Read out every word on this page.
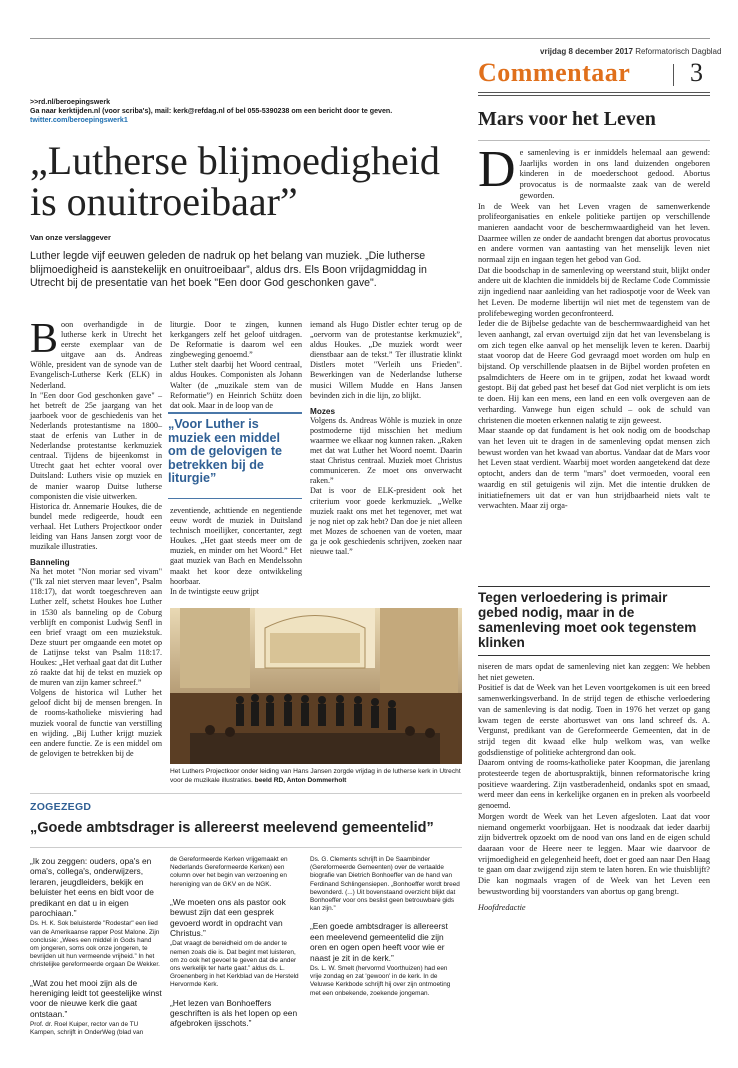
vrijdag 8 december 2017 Reformatorisch Dagblad
Commentaar 3
>>rd.nl/beroepingswerk
Ga naar kerktijden.nl (voor scriba's), mail: kerk@refdag.nl of bel 055-5390238 om een bericht door te geven.
twitter.com/beroepingswerk1
„Lutherse blijmoedigheid
is onuitroeibaar”
Van onze verslaggever
Luther legde vijf eeuwen geleden de nadruk op het belang van muziek. „Die lutherse blijmoedigheid is aanstekelijk en onuitroeibaar”, aldus drs. Els Boon vrijdagmiddag in Utrecht bij de presentatie van het boek "Een door God geschonken gave".
B oon overhandigde in de lutherse kerk in Utrecht het eerste exemplaar van de uitgave aan ds. Andreas Wöhle, president van de synode van de Evangelisch-Lutherse Kerk (ELK) in Nederland.
In "Een door God geschonken gave" –het betreft de 25e jaargang van het jaarboek voor de geschiedenis van het Nederlands protestantisme na 1800– staat de erfenis van Luther in de Nederlandse protestantse kerkmuziek centraal. Tijdens de bijeenkomst in Utrecht gaat het echter vooral over Duitsland: Luthers visie op muziek en de manier waarop Duitse lutherse componisten die visie uitwerken.
Historica dr. Annemarie Houkes, die de bundel mede redigeerde, houdt een verhaal. Het Luthers Projectkoor onder leiding van Hans Jansen zorgt voor de muzikale illustraties.
Banneling
Na het motet "Non moriar sed vivam" ("Ik zal niet sterven maar leven", Psalm 118:17), dat wordt toegeschreven aan Luther zelf, schetst Houkes hoe Luther in 1530 als banneling op de Coburg verblijft en componist Ludwig Senfl in een brief vraagt om een muziekstuk. Deze stuurt per omgaande een motet op de Latijnse tekst van Psalm 118:17. Houkes: „Het verhaal gaat dat dit Luther zó raakte dat hij de tekst en muziek op de muren van zijn kamer schreef.”
Volgens de historica wil Luther het geloof dicht bij de mensen brengen. In de rooms-katholieke misviering had muziek vooral de functie van verstilling en wijding. „Bij Luther krijgt muziek een andere functie. Ze is een middel om de gelovigen te betrekken bij de
liturgie. Door te zingen, kunnen kerkgangers zelf het geloof uitdragen. De Reformatie is daarom wel een zingbeweging genoemd.”
Luther stelt daarbij het Woord centraal, aldus Houkes. Componisten als Johann Walter (de „muzikale stem van de Reformatie”) en Heinrich Schütz doen dat ook. Maar in de loop van de
„Voor Luther is muziek een middel om de gelovigen te betrekken bij de liturgie”
zeventiende, achttiende en negentiende eeuw wordt de muziek in Duitsland technisch moeilijker, concertanter, zegt Houkes. „Het gaat steeds meer om de muziek, en minder om het Woord.” Het gaat muziek van Bach en Mendelssohn maakt het koor deze ontwikkeling hoorbaar.
In de twintigste eeuw grijpt
iemand als Hugo Distler echter terug op de „oervorm van de protestantse kerkmuziek”, aldus Houkes. „De muziek wordt weer dienstbaar aan de tekst.” Ter illustratie klinkt Distlers motet "Verleih uns Frieden". Bewerkingen van de Nederlandse lutherse musici Willem Mudde en Hans Jansen bevinden zich in die lijn, zo blijkt.
Mozes
Volgens ds. Andreas Wöhle is muziek in onze postmoderne tijd misschien het medium waarmee we elkaar nog kunnen raken. „Raken met dat wat Luther het Woord noemt. Daarin staat Christus centraal. Muziek moet Christus communiceren. Ze moet ons onverwacht raken.”
Dat is voor de ELK-president ook het criterium voor goede kerkmuziek. „Welke muziek raakt ons met het tegenover, met wat je nog niet op zak hebt? Dan doe je niet alleen met Mozes de schoenen van de voeten, maar ga je ook geschiedenis schrijven, zoeken naar nieuwe taal.”
Het Luthers Projectkoor onder leiding van Hans Jansen zorgde vrijdag in de lutherse kerk in Utrecht voor de muzikale illustraties. beeld RD, Anton Dommerholt
ZOGEZEGD
„Goede ambtsdrager is allereerst meelevend gemeentelid”
„Ik zou zeggen: ouders, opa's en oma's, collega's, onderwijzers, leraren, jeugdleiders, bekijk en beluister het eens en bidt voor de predikant en dat u in eigen parochiaan.”
Ds. H. K. Sok beluisterde "Rodestar" een lied van de Amerikaanse rapper Post Malone. Zijn conclusie: „Wees een middel in Gods hand om jongeren, soms ook onze jongeren, te bevrijden uit hun vermeende vrijheid.” In het christelijke gereformeerde orgaan De Wekker.
„Wat zou het mooi zijn als de hereniging leidt tot geestelijke winst voor de nieuwe kerk die gaat ontstaan.”
Prof. dr. Roel Kuiper, rector van de TU Kampen, schrijft in OnderWeg (blad van
de Gereformeerde Kerken vrijgemaakt en Nederlands Gereformeerde Kerken) een column over het begin van verzoening en hereniging van de GKV en de NGK.
„We moeten ons als pastor ook bewust zijn dat een gesprek gevoerd wordt in opdracht van Christus.”
„Dat vraagt de bereidheid om de ander te nemen zoals die is. Dat begint met luisteren, om zo ook het gevoel te geven dat die ander ons werkelijk ter harte gaat.” aldus ds. L. Groenenberg in het Kerkblad van de Hersteld Hervormde Kerk.
„Het lezen van Bonhoeffers geschriften is als het lopen op een afgebroken ijsschots.”
Ds. G. Clements schrijft in De Saambinder (Gereformeerde Gemeenten) over de vertaalde biografie van Dietrich Bonhoeffer van de hand van Ferdinand Schlingensiepen. „Bonhoeffer wordt breed bewonderd. (...) Uit bovenstaand overzicht blijkt dat Bonhoeffer voor ons beslist geen betrouwbare gids kan zijn.”
„Een goede ambtsdrager is allereerst een meelevend gemeentelid die zijn oren en ogen open heeft voor wie er naast je zit in de kerk.”
Ds. L. W. Smelt (hervormd Voorthuizen) had een vrije zondag en zat 'gewoon' in de kerk. In de Veluwse Kerkbode schrijft hij over zijn ontmoeting met een onbekende, zoekende jongeman.
Mars voor het Leven
D e samenleving is er inmiddels helemaal aan gewend: Jaarlijks worden in ons land duizenden ongeboren kinderen in de moederschoot gedood. Abortus provocatus is de normaalste zaak van de wereld geworden.
In de Week van het Leven vragen de samenwerkende prolifeorganisaties en enkele politieke partijen op verschillende manieren aandacht voor de beschermwaardigheid van het leven. Daarmee willen ze onder de aandacht brengen dat abortus provocatus en andere vormen van aantasting van het menselijk leven niet normaal zijn en ingaan tegen het gebod van God.
Dat die boodschap in de samenleving op weerstand stuit, blijkt onder andere uit de klachten die inmiddels bij de Reclame Code Commissie zijn ingediend naar aanleiding van het radiospotje voor de Week van het Leven. De moderne libertijn wil niet met de tegenstem van de prolifebeweging worden geconfronteerd.
Ieder die de Bijbelse gedachte van de beschermwaardigheid van het leven aanhangt, zal ervan overtuigd zijn dat het van levensbelang is om zich tegen elke aanval op het menselijk leven te keren. Daarbij staat voorop dat de Heere God gevraagd moet worden om hulp en bijstand. Op verschillende plaatsen in de Bijbel worden profeten en psalmdichters de Heere om in te grijpen, zodat het kwaad wordt gestopt. Bij dat gebed past het besef dat God niet verplicht is om iets te doen. Hij kan een mens, een land en een volk overgeven aan de verharding. Vanwege hun eigen schuld – ook de schuld van christenen die moeten erkennen nalatig te zijn geweest.
Maar staande op dat fundament is het ook nodig om de boodschap van het leven uit te dragen in de samenleving opdat mensen zich bewust worden van het kwaad van abortus. Vandaar dat de Mars voor het Leven staat verdient. Waarbij moet worden aangetekend dat deze optocht, anders dan de term "mars" doet vermoeden, vooral een waardig en stil getuigenis wil zijn. Met die intentie drukken de initiatiefnemers uit dat er van hun strijdbaarheid niets valt te verwachten. Maar zij orga-
Tegen verloedering is primair gebed nodig, maar in de samenleving moet ook tegenstem klinken
niseren de mars opdat de samenleving niet kan zeggen: We hebben het niet geweten.
Positief is dat de Week van het Leven voortgekomen is uit een breed samenwerkingsverband. In de strijd tegen de ethische verloedering van de samenleving is dat nodig. Toen in 1976 het verzet op gang kwam tegen de eerste abortuswet van ons land schreef ds. A. Vergunst, predikant van de Gereformeerde Gemeenten, dat in de strijd tegen dit kwaad elke hulp welkom was, van welke godsdienstige of politieke achtergrond dan ook.
Daarom ontving de rooms-katholieke pater Koopman, die jarenlang protesteerde tegen de abortuspraktijk, binnen reformatorische kring positieve waardering. Zijn vastberadenheid, ondanks spot en smaad, werd meer dan eens in kerkelijke organen en in preken als voorbeeld genoemd.
Morgen wordt de Week van het Leven afgesloten. Laat dat voor niemand ongemerkt voorbijgaan. Het is noodzaak dat ieder daarbij zijn bidvertrek opzoekt om de nood van ons land en de eigen schuld daaraan voor de Heere neer te leggen. Maar wie daarvoor de vrijmoedigheid en gelegenheid heeft, doet er goed aan naar Den Haag te gaan om daar zwijgend zijn stem te laten horen. En wie thuisblijft? Die kan nogmaals vragen of de Week van het Leven een bewustwording bij voorstanders van abortus op gang brengt.
Hoofdredactie
